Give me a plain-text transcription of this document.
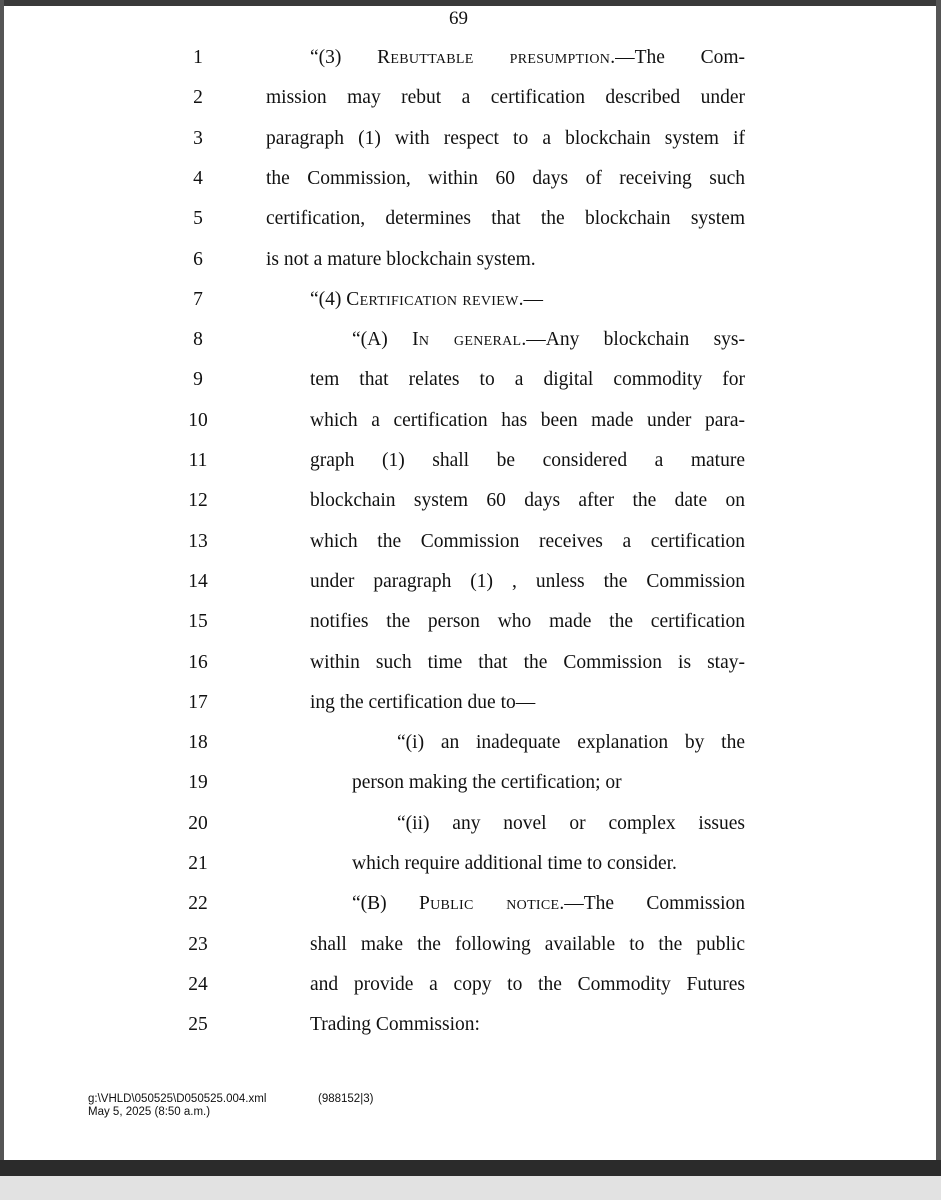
69
1	“(3) Rebuttable presumption.—The Com-
2	mission may rebut a certification described under
3	paragraph (1) with respect to a blockchain system if
4	the Commission, within 60 days of receiving such
5	certification, determines that the blockchain system
6	is not a mature blockchain system.
7	“(4) Certification review.—
8	“(A) In general.—Any blockchain sys-
9	tem that relates to a digital commodity for
10	which a certification has been made under para-
11	graph (1) shall be considered a mature
12	blockchain system 60 days after the date on
13	which the Commission receives a certification
14	under paragraph (1) , unless the Commission
15	notifies the person who made the certification
16	within such time that the Commission is stay-
17	ing the certification due to—
18	“(i) an inadequate explanation by the
19	person making the certification; or
20	“(ii) any novel or complex issues
21	which require additional time to consider.
22	“(B) Public notice.—The Commission
23	shall make the following available to the public
24	and provide a copy to the Commodity Futures
25	Trading Commission:
g:\VHLD\050525\D050525.004.xml
May 5, 2025 (8:50 a.m.)
(988152|3)
